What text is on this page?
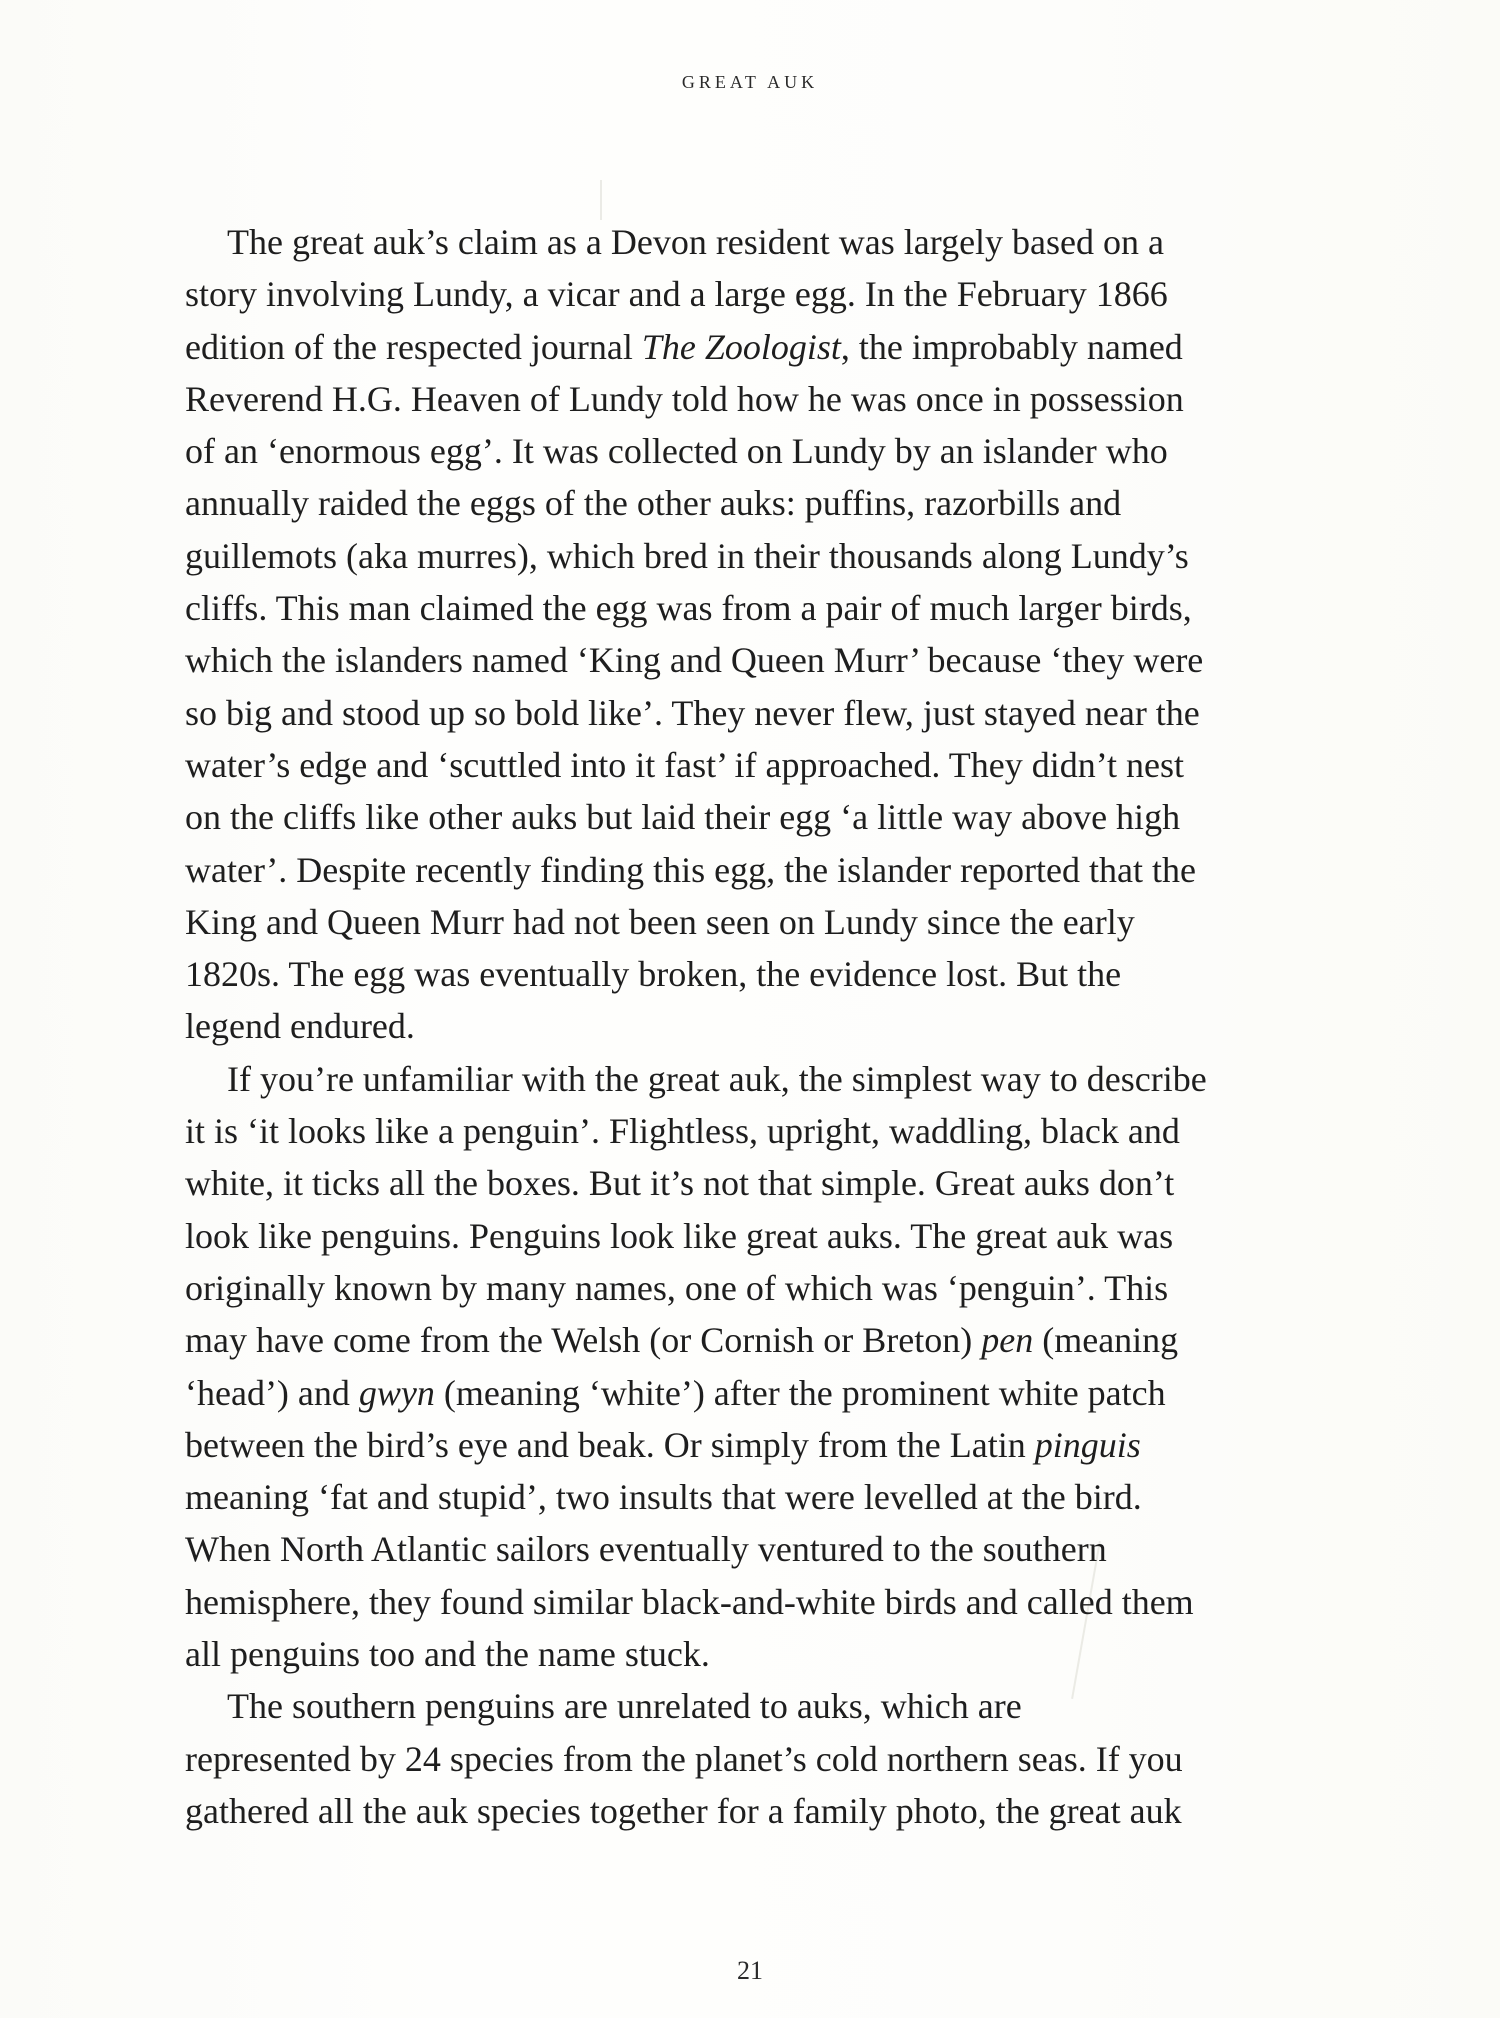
GREAT AUK

The great auk’s claim as a Devon resident was largely based on a
story involving Lundy, a vicar and a large egg. In the February 1866
edition of the respected journal The Zoologist, the improbably named
Reverend H.G. Heaven of Lundy told how he was once in possession
of an ‘enormous egg’. It was collected on Lundy by an islander who
annually raided the eggs of the other auks: puffins, razorbills and
guillemots (aka murres), which bred in their thousands along Lundy’s
cliffs. This man claimed the egg was from a pair of much larger birds,
which the islanders named ‘King and Queen Murr’ because ‘they were
so big and stood up so bold like’. They never flew, just stayed near the
water’s edge and ‘scuttled into it fast’ if approached. They didn’t nest
on the cliffs like other auks but laid their egg ‘a little way above high
water’. Despite recently finding this egg, the islander reported that the
King and Queen Murr had not been seen on Lundy since the early
1820s. The egg was eventually broken, the evidence lost. But the
legend endured.

If you’re unfamiliar with the great auk, the simplest way to describe
it is ‘it looks like a penguin’. Flightless, upright, waddling, black and
white, it ticks all the boxes. But it’s not that simple. Great auks don’t
look like penguins. Penguins look like great auks. The great auk was
originally known by many names, one of which was ‘penguin’. This
may have come from the Welsh (or Cornish or Breton) pen (meaning
‘head’) and gwyn (meaning ‘white’) after the prominent white patch
between the bird’s eye and beak. Or simply from the Latin pinguis
meaning ‘fat and stupid’, two insults that were levelled at the bird.
When North Atlantic sailors eventually ventured to the southern
hemisphere, they found similar black-and-white birds and called them
all penguins too and the name stuck.

The southern penguins are unrelated to auks, which are
represented by 24 species from the planet’s cold northern seas. If you
gathered all the auk species together for a family photo, the great auk

21
